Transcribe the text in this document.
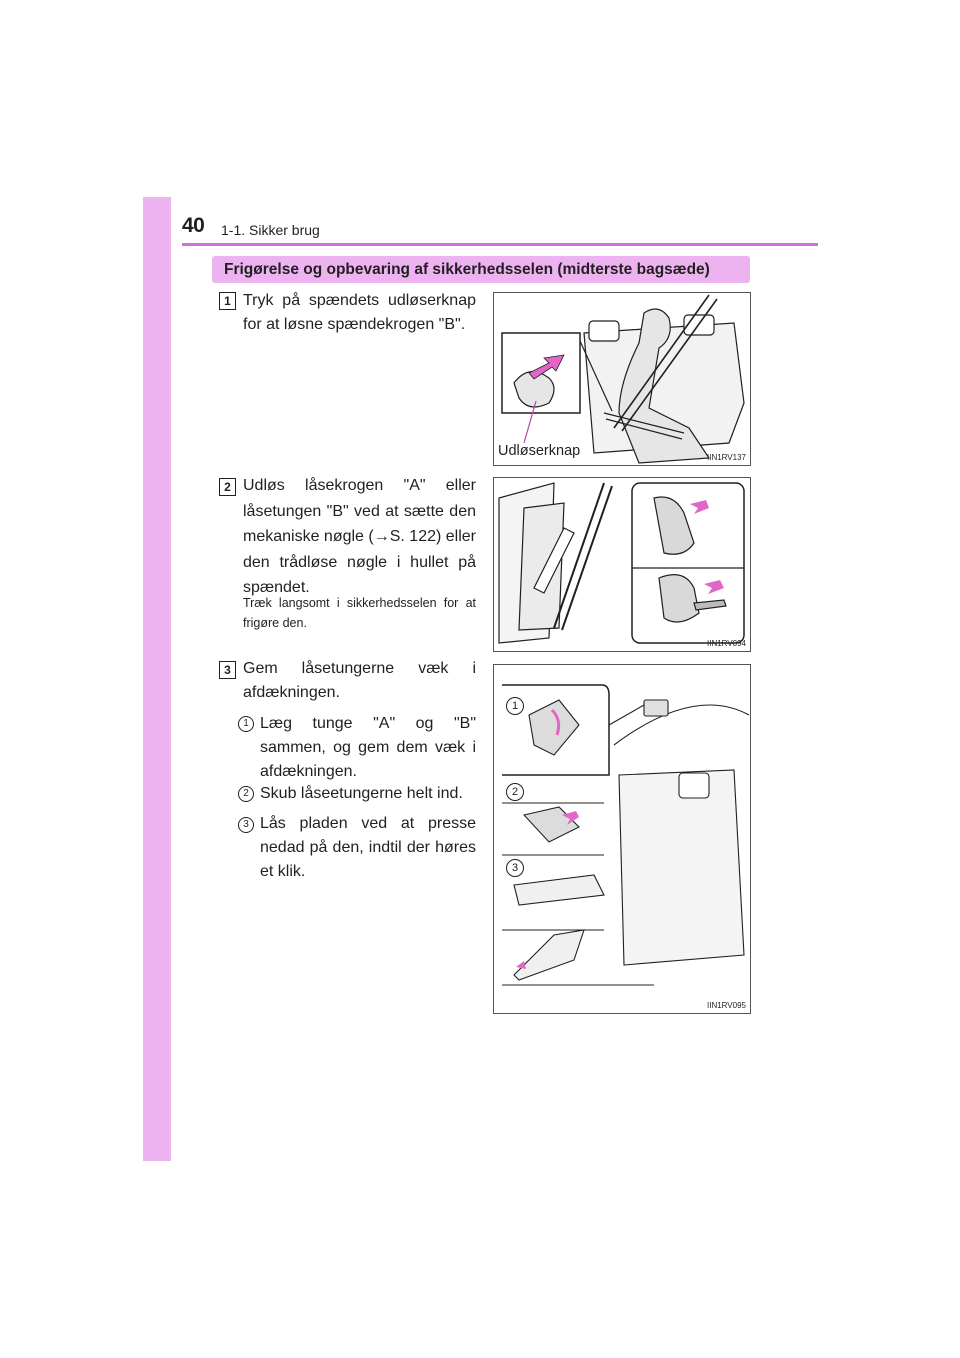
40 1-1. Sikker brug
Frigørelse og opbevaring af sikkerhedsselen (midterste bagsæde)
1 Tryk på spændets udløserknap for at løsne spændekrogen "B".
2 Udløs låsekrogen "A" eller låsetungen "B" ved at sætte den mekaniske nøgle (→S. 122) eller den trådløse nøgle i hullet på spændet.
Træk langsomt i sikkerhedsselen for at frigøre den.
3 Gem låsetungerne væk i afdækningen.
1 Læg tunge "A" og "B" sammen, og gem dem væk i afdækningen.
2 Skub låseetungerne helt ind.
3 Lås pladen ved at presse nedad på den, indtil der høres et klik.
Udløserknap	IIN1RV137
IIN1RV094
1
2
3
IIN1RV095
